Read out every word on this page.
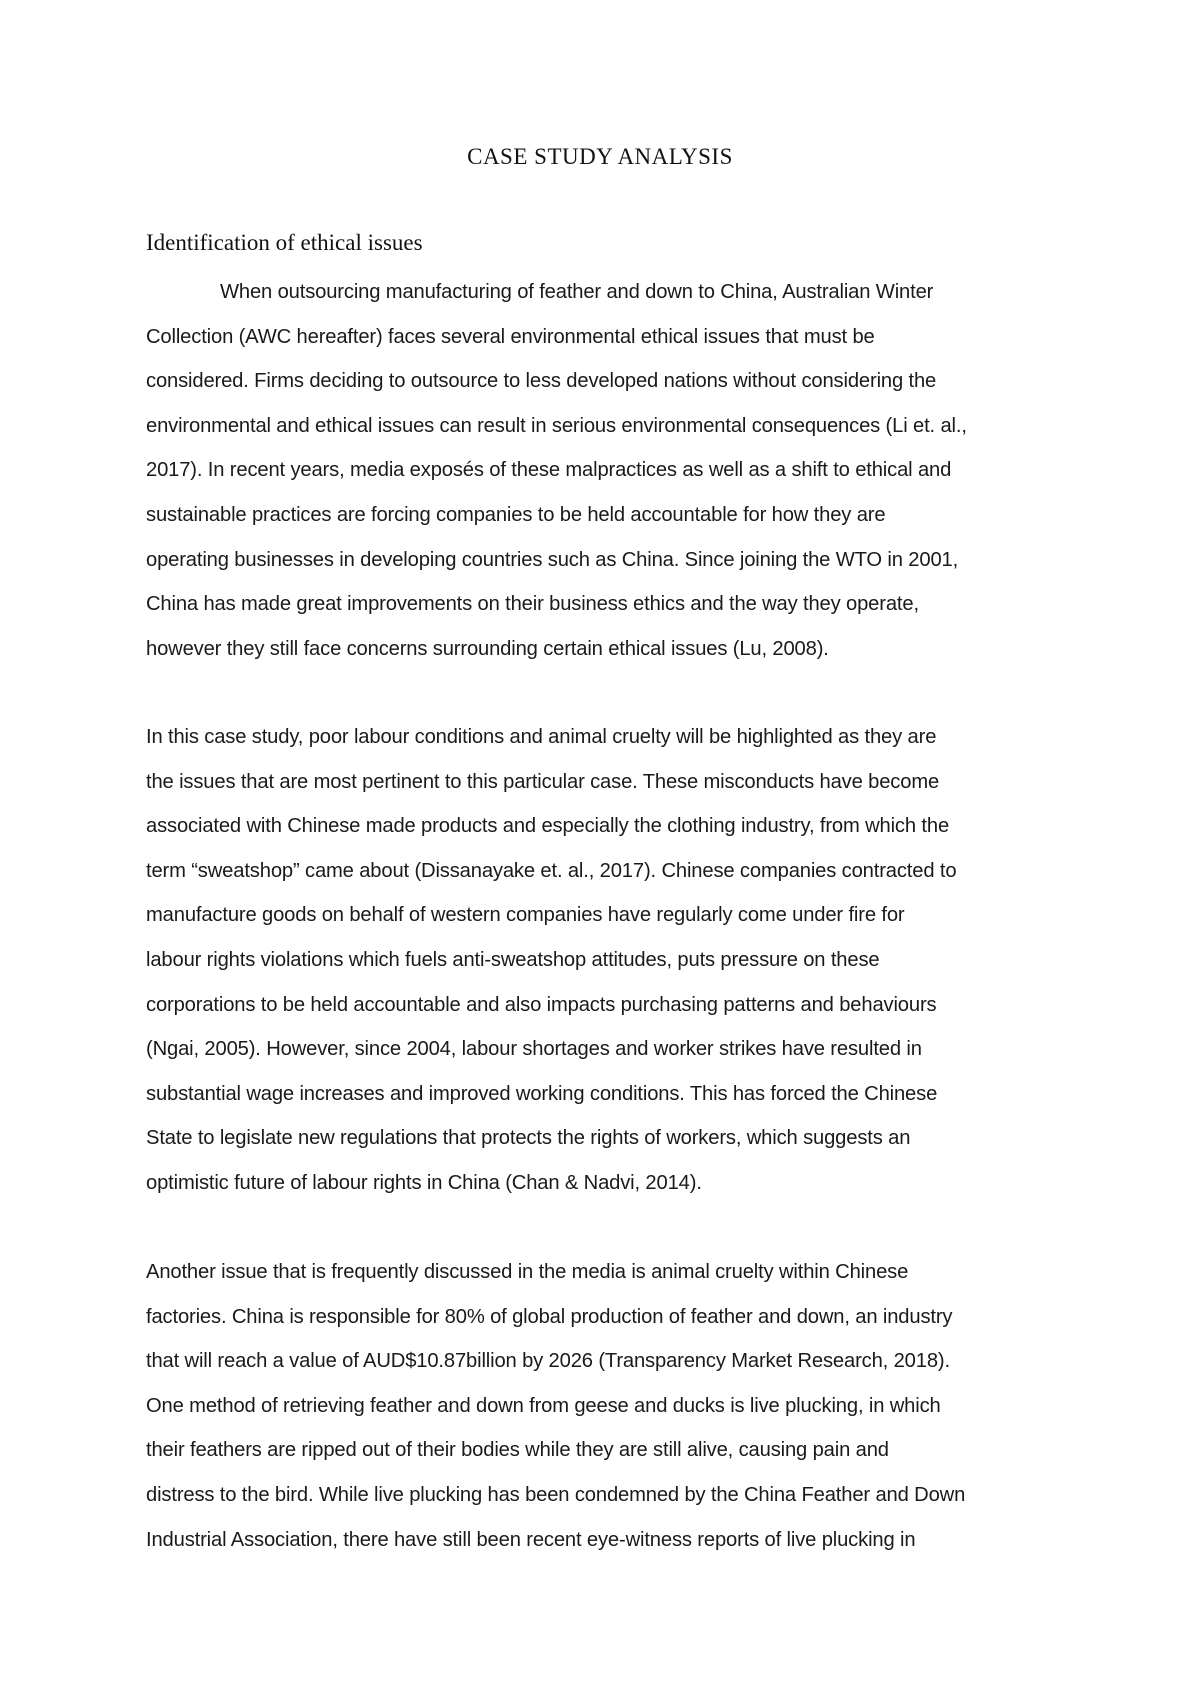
CASE STUDY ANALYSIS
Identification of ethical issues

When outsourcing manufacturing of feather and down to China, Australian Winter
Collection (AWC hereafter) faces several environmental ethical issues that must be
considered. Firms deciding to outsource to less developed nations without considering the
environmental and ethical issues can result in serious environmental consequences (Li et. al.,
2017). In recent years, media exposés of these malpractices as well as a shift to ethical and
sustainable practices are forcing companies to be held accountable for how they are
operating businesses in developing countries such as China. Since joining the WTO in 2001,
China has made great improvements on their business ethics and the way they operate,
however they still face concerns surrounding certain ethical issues (Lu, 2008).

In this case study, poor labour conditions and animal cruelty will be highlighted as they are
the issues that are most pertinent to this particular case. These misconducts have become
associated with Chinese made products and especially the clothing industry, from which the
term “sweatshop” came about (Dissanayake et. al., 2017). Chinese companies contracted to
manufacture goods on behalf of western companies have regularly come under fire for
labour rights violations which fuels anti-sweatshop attitudes, puts pressure on these
corporations to be held accountable and also impacts purchasing patterns and behaviours
(Ngai, 2005). However, since 2004, labour shortages and worker strikes have resulted in
substantial wage increases and improved working conditions. This has forced the Chinese
State to legislate new regulations that protects the rights of workers, which suggests an
optimistic future of labour rights in China (Chan & Nadvi, 2014).

Another issue that is frequently discussed in the media is animal cruelty within Chinese
factories. China is responsible for 80% of global production of feather and down, an industry
that will reach a value of AUD$10.87billion by 2026 (Transparency Market Research, 2018).
One method of retrieving feather and down from geese and ducks is live plucking, in which
their feathers are ripped out of their bodies while they are still alive, causing pain and
distress to the bird. While live plucking has been condemned by the China Feather and Down
Industrial Association, there have still been recent eye-witness reports of live plucking in
